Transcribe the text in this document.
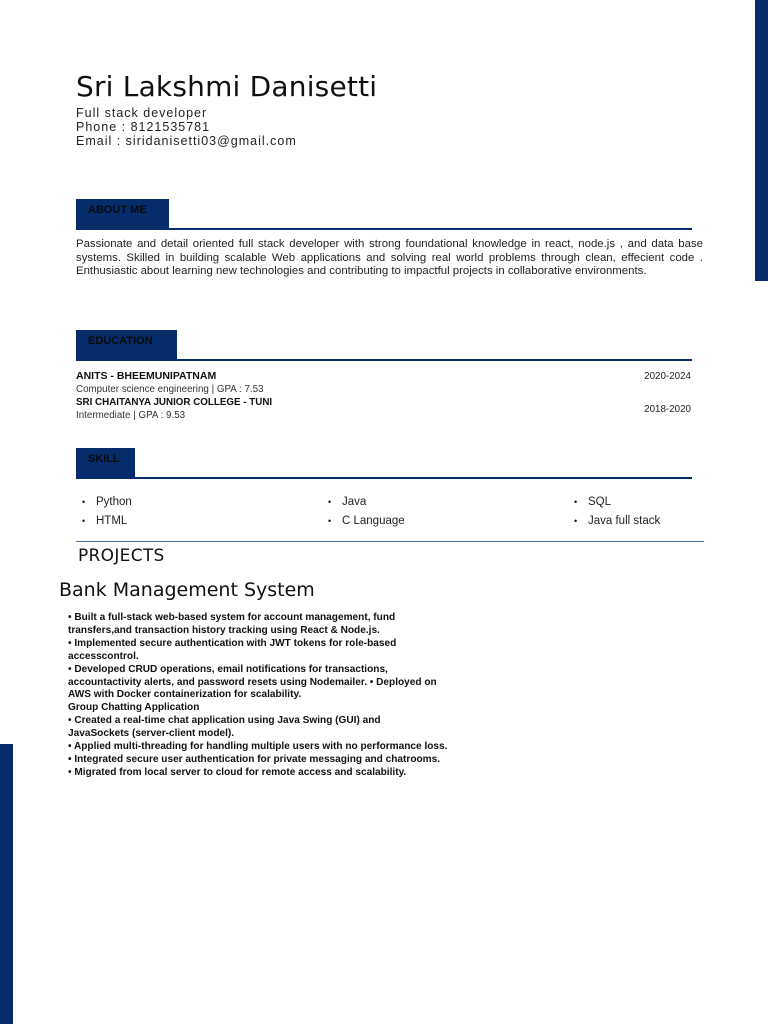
Sri Lakshmi Danisetti
Full stack developer
Phone : 8121535781
Email : siridanisetti03@gmail.com
ABOUT ME
Passionate and detail oriented full stack developer with strong foundational knowledge in react, node.js , and data base systems. Skilled in building scalable Web applications and solving real world problems through clean, effecient code . Enthusiastic about learning new technologies and contributing to impactful projects in collaborative environments.
EDUCATION
ANITS - BHEEMUNIPATNAM
Computer science engineering | GPA : 7.53
2020-2024
SRI CHAITANYA JUNIOR COLLEGE - TUNI
Intermediate | GPA : 9.53
2018-2020
SKILL
• Python	• Java	• SQL
• HTML	• C Language	• Java full stack
PROJECTS
Bank Management System
• Built a full-stack web-based system for account management, fund
transfers,and transaction history tracking using React & Node.js.
• Implemented secure authentication with JWT tokens for role-based
accesscontrol.
• Developed CRUD operations, email notifications for transactions,
accountactivity alerts, and password resets using Nodemailer. • Deployed on
AWS with Docker containerization for scalability.
Group Chatting Application
• Created a real-time chat application using Java Swing (GUI) and
JavaSockets (server-client model).
• Applied multi-threading for handling multiple users with no performance loss.
• Integrated secure user authentication for private messaging and chatrooms.
• Migrated from local server to cloud for remote access and scalability.
